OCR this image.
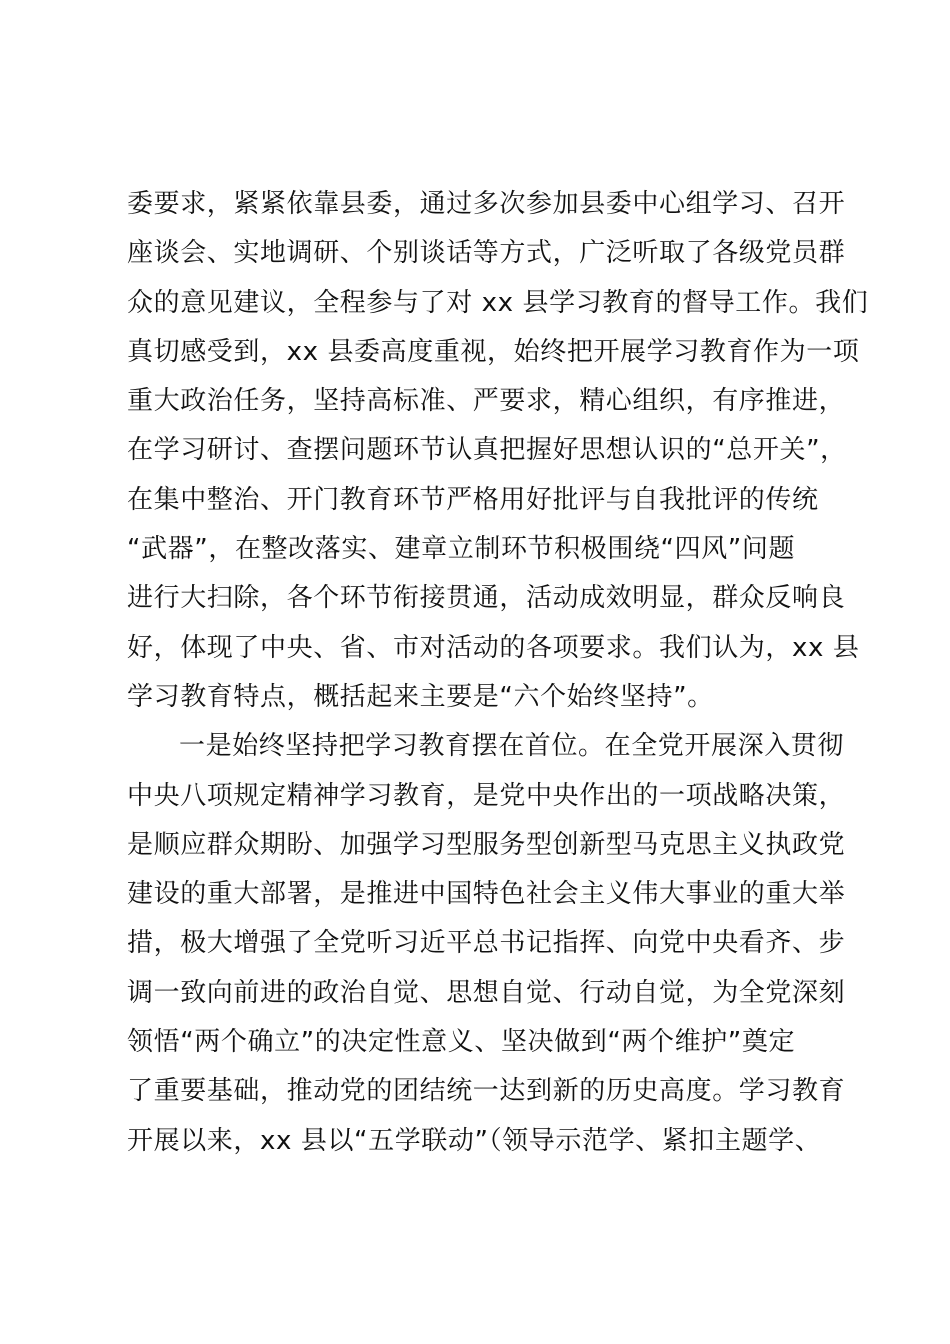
委要求，紧紧依靠县委，通过多次参加县委中心组学习、召开
座谈会、实地调研、个别谈话等方式，广泛听取了各级党员群
众的意见建议，全程参与了对 xx 县学习教育的督导工作。我们
真切感受到，xx 县委高度重视，始终把开展学习教育作为一项
重大政治任务，坚持高标准、严要求，精心组织，有序推进，
在学习研讨、查摆问题环节认真把握好思想认识的“总开关”，
在集中整治、开门教育环节严格用好批评与自我批评的传统
“武器”，在整改落实、建章立制环节积极围绕“四风”问题
进行大扫除，各个环节衔接贯通，活动成效明显，群众反响良
好，体现了中央、省、市对活动的各项要求。我们认为，xx 县
学习教育特点，概括起来主要是“六个始终坚持”。
一是始终坚持把学习教育摆在首位。在全党开展深入贯彻
中央八项规定精神学习教育，是党中央作出的一项战略决策，
是顺应群众期盼、加强学习型服务型创新型马克思主义执政党
建设的重大部署，是推进中国特色社会主义伟大事业的重大举
措，极大增强了全党听习近平总书记指挥、向党中央看齐、步
调一致向前进的政治自觉、思想自觉、行动自觉，为全党深刻
领悟“两个确立”的决定性意义、坚决做到“两个维护”奠定
了重要基础，推动党的团结统一达到新的历史高度。学习教育
开展以来，xx 县以“五学联动”（领导示范学、紧扣主题学、
